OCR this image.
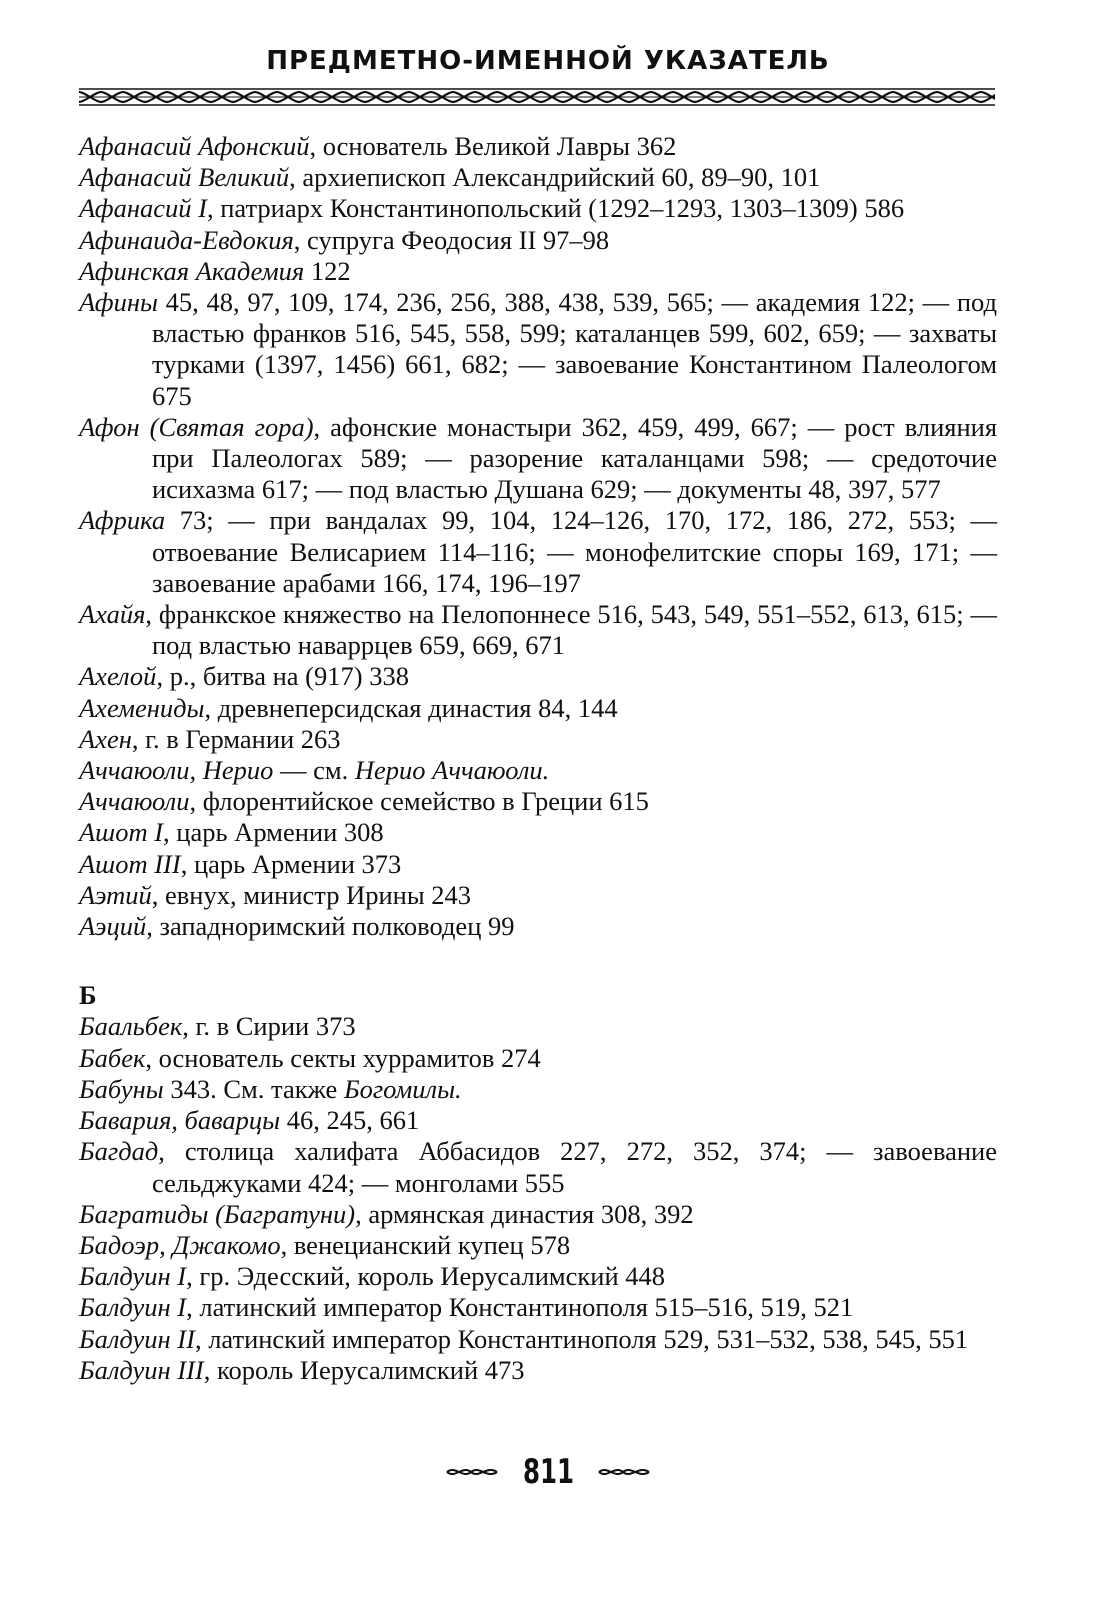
ПРЕДМЕТНО-ИМЕННОЙ УКАЗАТЕЛЬ

Афанасий Афонский, основатель Великой Лавры 362

Афанасий Великий, архиепископ Александрийский 60, 89–90, 101

Афанасий I, патриарх Константинопольский (1292–1293, 1303–1309) 586

Афинаида-Евдокия, супруга Феодосия II 97–98

Афинская Академия 122

Афины 45, 48, 97, 109, 174, 236, 256, 388, 438, 539, 565; — академия 122; — под властью франков 516, 545, 558, 599; каталанцев 599, 602, 659; — захваты турками (1397, 1456) 661, 682; — завоевание Константином Палеологом 675

Афон (Святая гора), афонские монастыри 362, 459, 499, 667; — рост влияния при Палеологах 589; — разорение каталанцами 598; — средоточие исихазма 617; — под властью Душана 629; — документы 48, 397, 577

Африка 73; — при вандалах 99, 104, 124–126, 170, 172, 186, 272, 553; — отвоевание Велисарием 114–116; — монофелитские споры 169, 171; — завоевание арабами 166, 174, 196–197

Ахайя, франкское княжество на Пелопоннесе 516, 543, 549, 551–552, 613, 615; — под властью наваррцев 659, 669, 671

Ахелой, р., битва на (917) 338

Ахемениды, древнеперсидская династия 84, 144

Ахен, г. в Германии 263

Аччаюоли, Нерио — см. Нерио Аччаюоли.

Аччаюоли, флорентийское семейство в Греции 615

Ашот I, царь Армении 308

Ашот III, царь Армении 373

Аэтий, евнух, министр Ирины 243

Аэций, западноримский полководец 99

Б

Баальбек, г. в Сирии 373

Бабек, основатель секты хуррамитов 274

Бабуны 343. См. также Богомилы.

Бавария, баварцы 46, 245, 661

Багдад, столица халифата Аббасидов 227, 272, 352, 374; — завоевание сельджуками 424; — монголами 555

Багратиды (Багратуни), армянская династия 308, 392

Бадоэр, Джакомо, венецианский купец 578

Балдуин I, гр. Эдесский, король Иерусалимский 448

Балдуин I, латинский император Константинополя 515–516, 519, 521

Балдуин II, латинский император Константинополя 529, 531–532, 538, 545, 551

Балдуин III, король Иерусалимский 473

811
